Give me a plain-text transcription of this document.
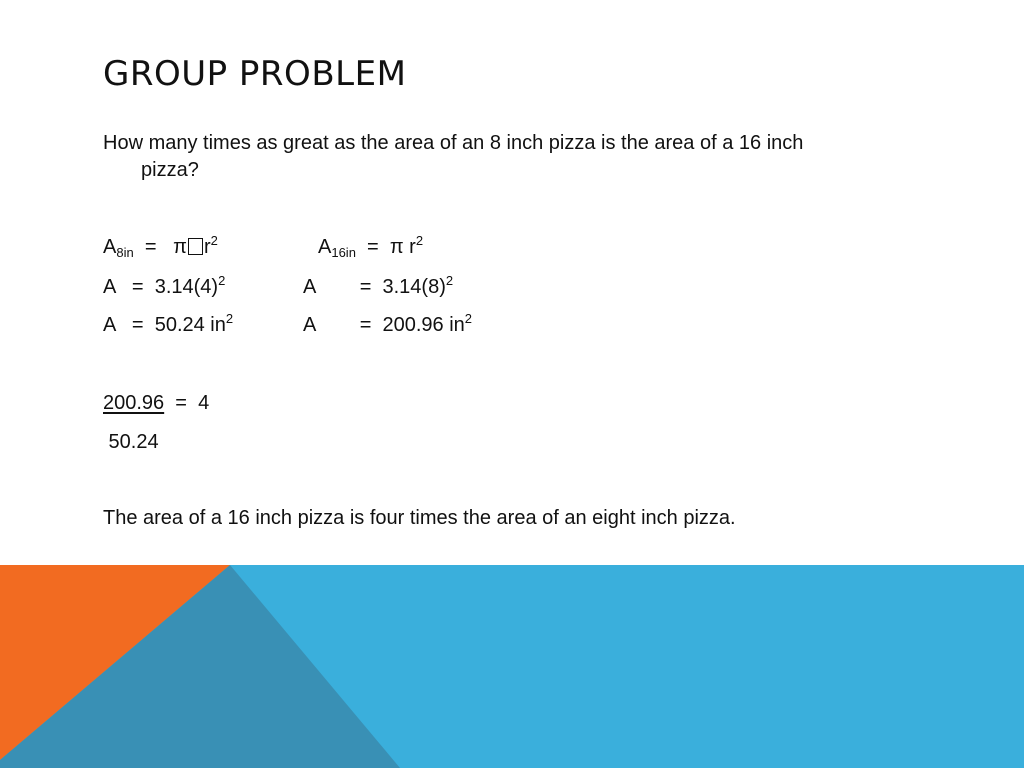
GROUP PROBLEM
How many times as great as the area of an 8 inch pizza is the area of a 16 inch
pizza?
$A_{8in} = \pi$ $r^2$	$A_{16in} = \pi$ $r^2$
$A = 3.14(4)^2$	A        =  $3.14(8)^2$
A   =  50.24 $in^2$	A        =  200.96 $in^2$
200.96  =  4
50.24
The area of a 16 inch pizza is four times the area of an eight inch pizza.
